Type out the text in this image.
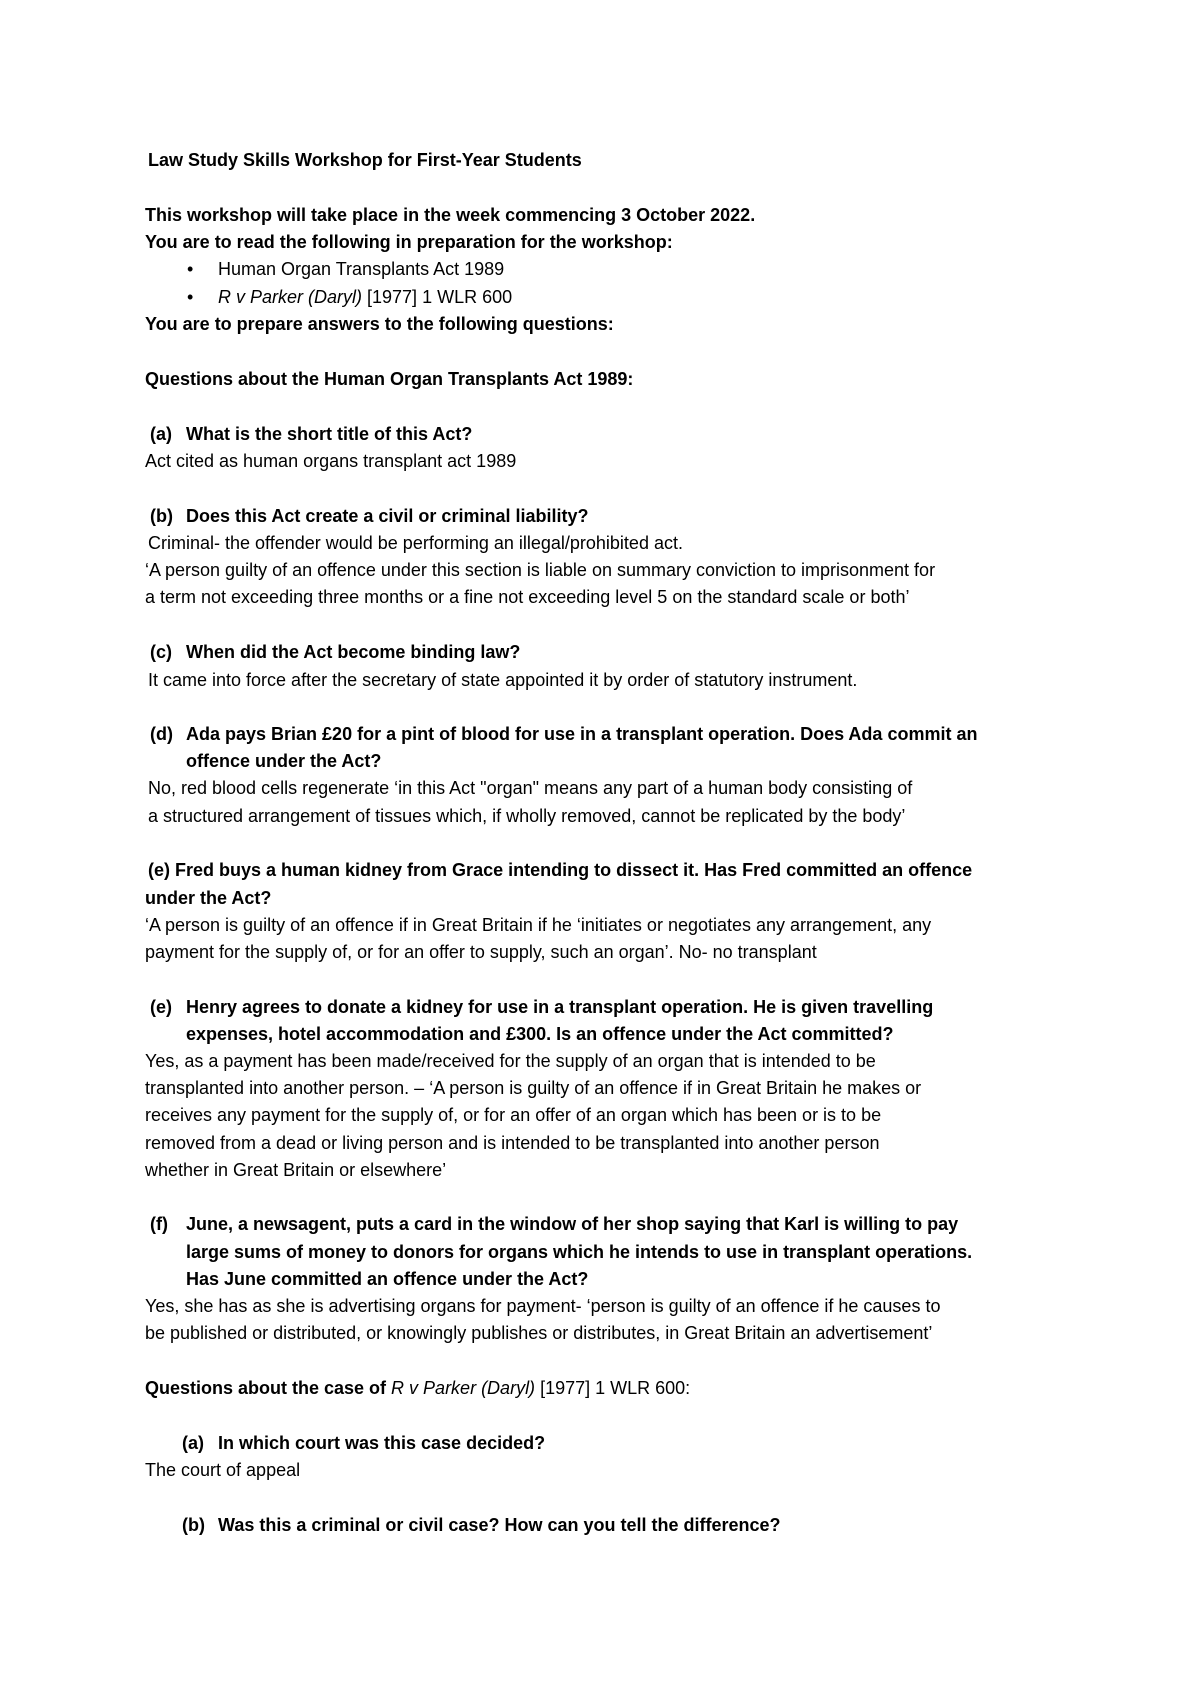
Law Study Skills Workshop for First-Year Students

This workshop will take place in the week commencing 3 October 2022.

You are to read the following in preparation for the workshop:

• Human Organ Transplants Act 1989

• R v Parker (Daryl) [1977] 1 WLR 600

You are to prepare answers to the following questions:

Questions about the Human Organ Transplants Act 1989:

(a) What is the short title of this Act?

Act cited as human organs transplant act 1989

(b) Does this Act create a civil or criminal liability?

Criminal- the offender would be performing an illegal/prohibited act.

‘A person guilty of an offence under this section is liable on summary conviction to imprisonment for

a term not exceeding three months or a fine not exceeding level 5 on the standard scale or both’

(c) When did the Act become binding law?

It came into force after the secretary of state appointed it by order of statutory instrument.

(d) Ada pays Brian £20 for a pint of blood for use in a transplant operation. Does Ada commit an

offence under the Act?

No, red blood cells regenerate ‘in this Act "organ" means any part of a human body consisting of

a structured arrangement of tissues which, if wholly removed, cannot be replicated by the body’

(e) Fred buys a human kidney from Grace intending to dissect it. Has Fred committed an offence

under the Act?

‘A person is guilty of an offence if in Great Britain if he ‘initiates or negotiates any arrangement, any

payment for the supply of, or for an offer to supply, such an organ’. No- no transplant

(e) Henry agrees to donate a kidney for use in a transplant operation. He is given travelling

expenses, hotel accommodation and £300. Is an offence under the Act committed?

Yes, as a payment has been made/received for the supply of an organ that is intended to be

transplanted into another person. – ‘A person is guilty of an offence if in Great Britain he makes or

receives any payment for the supply of, or for an offer of an organ which has been or is to be

removed from a dead or living person and is intended to be transplanted into another person

whether in Great Britain or elsewhere’

(f) June, a newsagent, puts a card in the window of her shop saying that Karl is willing to pay

large sums of money to donors for organs which he intends to use in transplant operations.

Has June committed an offence under the Act?

Yes, she has as she is advertising organs for payment- ‘person is guilty of an offence if he causes to

be published or distributed, or knowingly publishes or distributes, in Great Britain an advertisement’

Questions about the case of R v Parker (Daryl) [1977] 1 WLR 600:

(a) In which court was this case decided?

The court of appeal

(b) Was this a criminal or civil case? How can you tell the difference?
